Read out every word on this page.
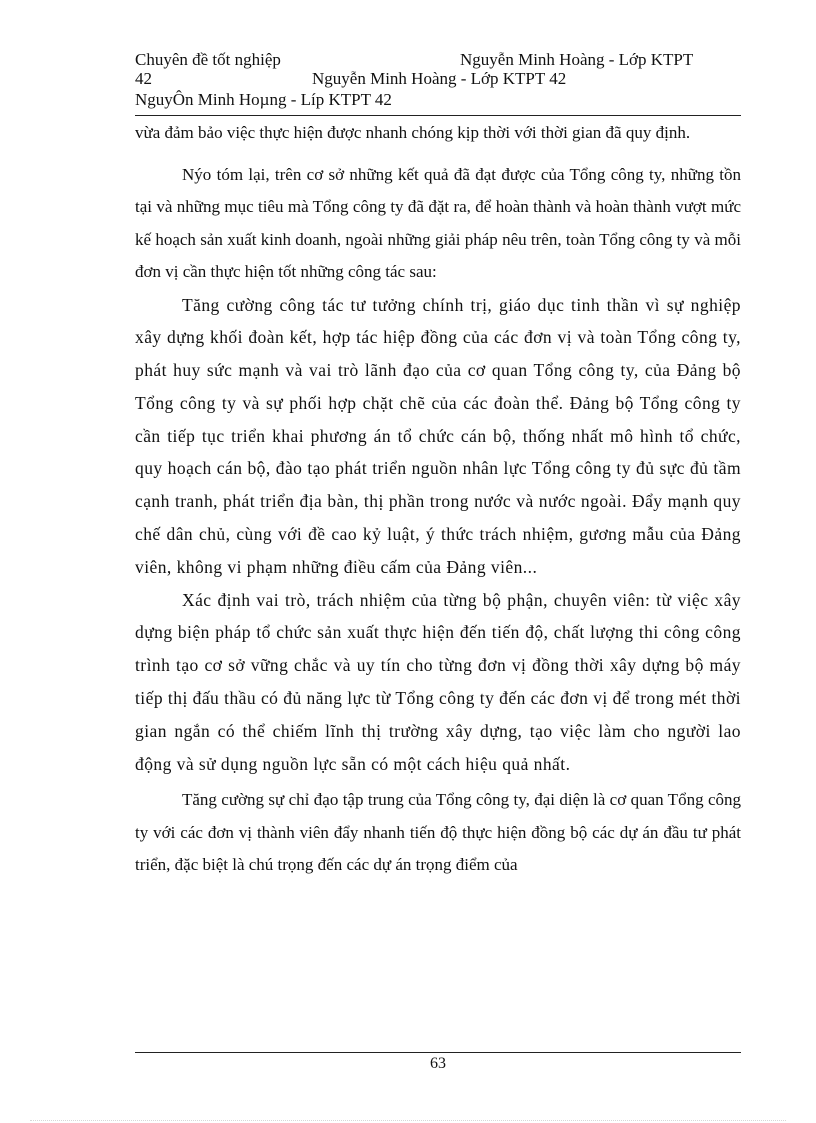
Chuyên đề tốt nghiệp	Nguyễn Minh Hoàng - Lớp KTPT
42	Nguyễn Minh Hoàng - Lớp KTPT 42
NguyÔn Minh Hoµng - Líp KTPT 42

vừa đảm bảo việc thực hiện được nhanh chóng kịp thời với thời gian đã quy định.

Nýo tóm lại, trên cơ sở những kết quả đã đạt được của Tổng công ty, những tồn tại và những mục tiêu mà Tổng công ty đã đặt ra, để hoàn thành và hoàn thành vượt mức kế hoạch sản xuất kinh doanh, ngoài những giải pháp nêu trên, toàn Tổng công ty và mỗi đơn vị cần thực hiện tốt những công tác sau:

Tăng cường công tác tư tưởng chính trị, giáo dục tinh thần vì sự nghiệp xây dựng khối đoàn kết, hợp tác hiệp đồng của các đơn vị và toàn Tổng công ty, phát huy sức mạnh và vai trò lãnh đạo của cơ quan Tổng công ty, của Đảng bộ Tổng công ty và sự phối hợp chặt chẽ của các đoàn thể. Đảng bộ Tổng công ty cần tiếp tục triển khai phương án tổ chức cán bộ, thống nhất mô hình tổ chức, quy hoạch cán bộ, đào tạo phát triển nguồn nhân lực Tổng công ty đủ sực đủ tầm cạnh tranh, phát triển địa bàn, thị phần trong nước và nước ngoài. Đẩy mạnh quy chế dân chủ, cùng với đề cao kỷ luật, ý thức trách nhiệm, gương mẫu của Đảng viên, không vi phạm những điều cấm của Đảng viên...

Xác định vai trò, trách nhiệm của từng bộ phận, chuyên viên: từ việc xây dựng biện pháp tổ chức sản xuất thực hiện đến tiến độ, chất lượng thi công công trình tạo cơ sở vững chắc và uy tín cho từng đơn vị đồng thời xây dựng bộ máy tiếp thị đấu thầu có đủ năng lực từ Tổng công ty đến các đơn vị để trong mét thời gian ngắn có thể chiếm lĩnh thị trường xây dựng, tạo việc làm cho người lao động và sử dụng nguồn lực sẵn có một cách hiệu quả nhất.

Tăng cường sự chỉ đạo tập trung của Tổng công ty, đại diện là cơ quan Tổng công ty với các đơn vị thành viên đẩy nhanh tiến độ thực hiện đồng bộ các dự án đầu tư phát triển, đặc biệt là chú trọng đến các dự án trọng điểm của

63
